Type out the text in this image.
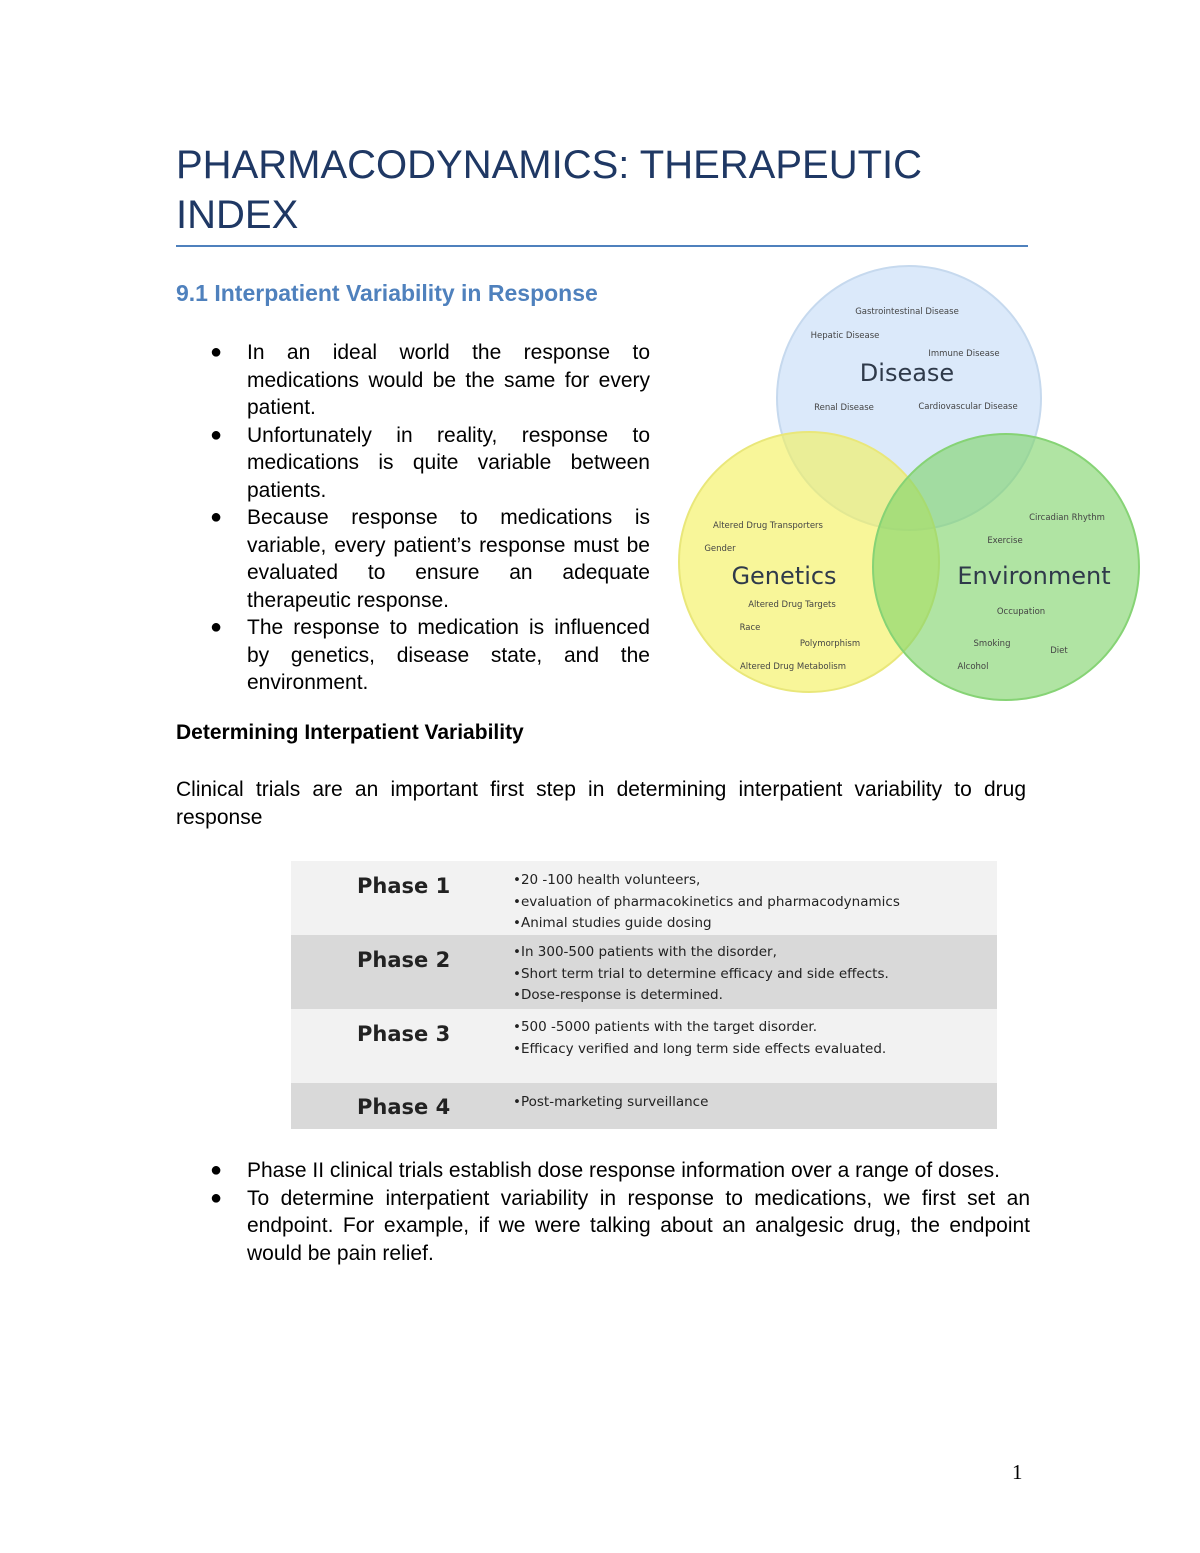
PHARMACODYNAMICS: THERAPEUTIC INDEX
9.1 Interpatient Variability in Response
● In an ideal world the response to medications would be the same for every patient.
● Unfortunately in reality, response to medications is quite variable between patients.
● Because response to medications is variable, every patient’s response must be evaluated to ensure an adequate therapeutic response.
● The response to medication is influenced by genetics, disease state, and the environment.
Disease
Gastrointestinal Disease
Hepatic Disease
Immune Disease
Renal Disease	Cardiovascular Disease
Genetics
Altered Drug Transporters
Gender
Altered Drug Targets
Race
Polymorphism
Altered Drug Metabolism
Environment
Circadian Rhythm
Exercise
Occupation
Smoking
Diet
Alcohol
Determining Interpatient Variability
Clinical trials are an important first step in determining interpatient variability to drug response
Phase 1	•20 -100 health volunteers,
•evaluation of pharmacokinetics and pharmacodynamics
•Animal studies guide dosing
Phase 2	•In 300-500 patients with the disorder,
•Short term trial to determine efficacy and side effects.
•Dose-response is determined.
Phase 3	•500 -5000 patients with the target disorder.
•Efficacy verified and long term side effects evaluated.
Phase 4	•Post-marketing surveillance
● Phase II clinical trials establish dose response information over a range of doses.
● To determine interpatient variability in response to medications, we first set an endpoint. For example, if we were talking about an analgesic drug, the endpoint would be pain relief.
1
